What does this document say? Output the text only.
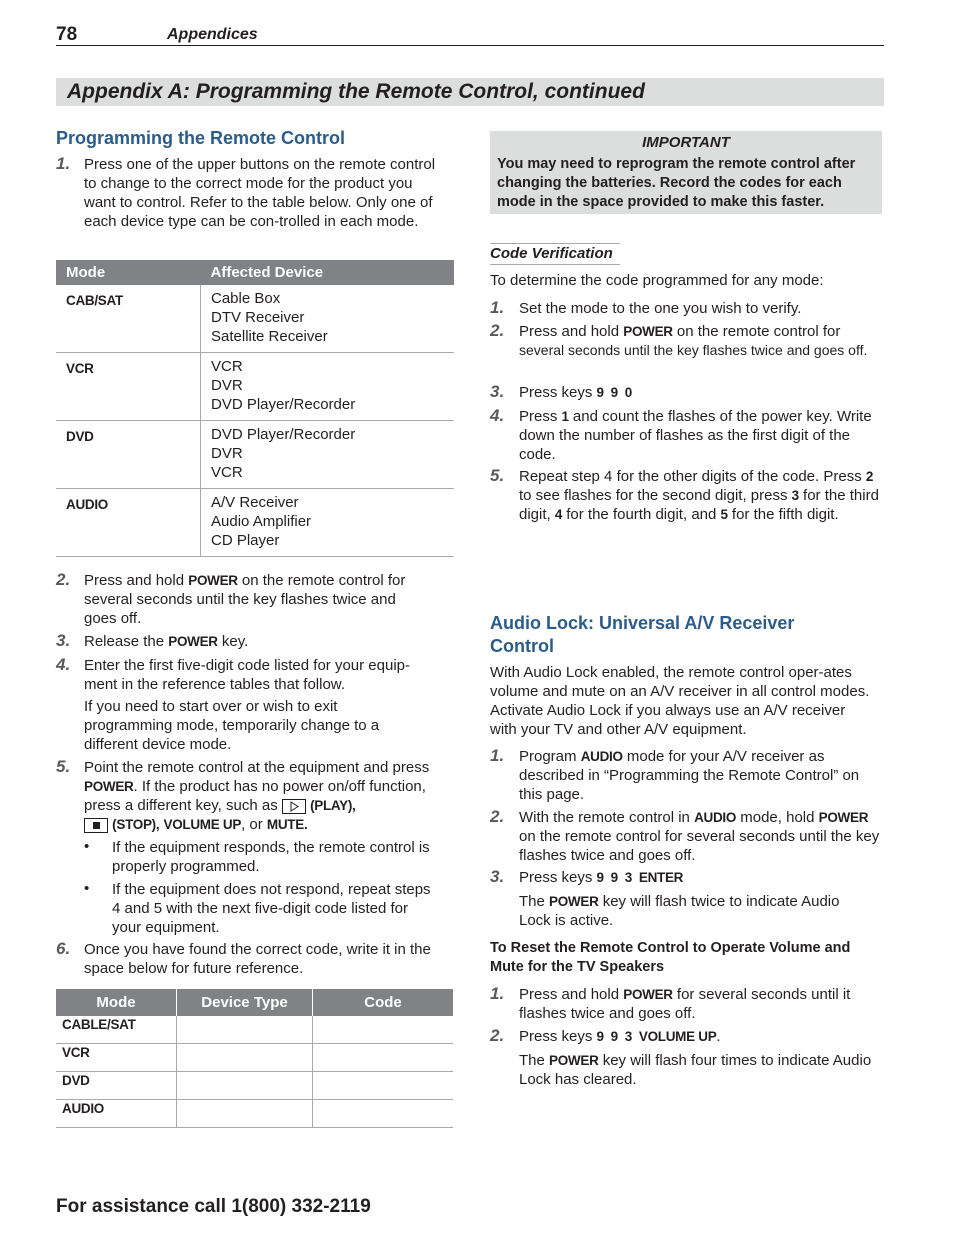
78	Appendices
Appendix A: Programming the Remote Control, continued
Programming the Remote Control
1. Press one of the upper buttons on the remote control to change to the correct mode for the product you want to control. Refer to the table below. Only one of each device type can be con-trolled in each mode.
Mode	Affected Device
CAB/SAT	Cable Box
DTV Receiver
Satellite Receiver

VCR	VCR
DVR
DVD Player/Recorder

DVD	DVD Player/Recorder
DVR
VCR

AUDIO	A/V Receiver
Audio Amplifier
CD Player
2. Press and hold POWER on the remote control for several seconds until the key flashes twice and goes off.
3. Release the POWER key.
4. Enter the first five-digit code listed for your equip-ment in the reference tables that follow.
If you need to start over or wish to exit programming mode, temporarily change to a different device mode.
5. Point the remote control at the equipment and press POWER. If the product has no power on/off function, press a different key, such as
(PLAY),

(STOP), VOLUME UP, or MUTE.
• If the equipment responds, the remote control is properly programmed.
• If the equipment does not respond, repeat steps 4 and 5 with the next five-digit code listed for your equipment.
6. Once you have found the correct code, write it in the space below for future reference.
Mode	Device Type	Code
CABLE/SAT		
VCR		
DVD		
AUDIO		
IMPORTANT
You may need to reprogram the remote control after changing the batteries. Record the codes for each mode in the space provided to make this faster.
Code Verification
To determine the code programmed for any mode:
1. Set the mode to the one you wish to verify.
2. Press and hold POWER on the remote control for
several seconds until the key flashes twice and goes off.
3. Press keys 9  9  0
4. Press 1 and count the flashes of the power key. Write down the number of flashes as the first digit of the code.
5. Repeat step 4 for the other digits of the code. Press 2 to see flashes for the second digit, press 3 for the third digit, 4 for the fourth digit, and 5 for the fifth digit.
Audio Lock: Universal A/V Receiver Control
With Audio Lock enabled, the remote control oper-ates volume and mute on an A/V receiver in all control modes. Activate Audio Lock if you always use an A/V receiver with your TV and other A/V equipment.
1. Program AUDIO mode for your A/V receiver as described in “Programming the Remote Control” on this page.
2. With the remote control in AUDIO mode, hold POWER on the remote control for several seconds until the key flashes twice and goes off.
3. Press keys 9  9  3  ENTER
The POWER key will flash twice to indicate Audio Lock is active.
To Reset the Remote Control to Operate Volume and Mute for the TV Speakers
1. Press and hold POWER for several seconds until it flashes twice and goes off.
2. Press keys 9  9  3  VOLUME UP.
The POWER key will flash four times to indicate Audio Lock has cleared.
For assistance call 1(800) 332-2119
